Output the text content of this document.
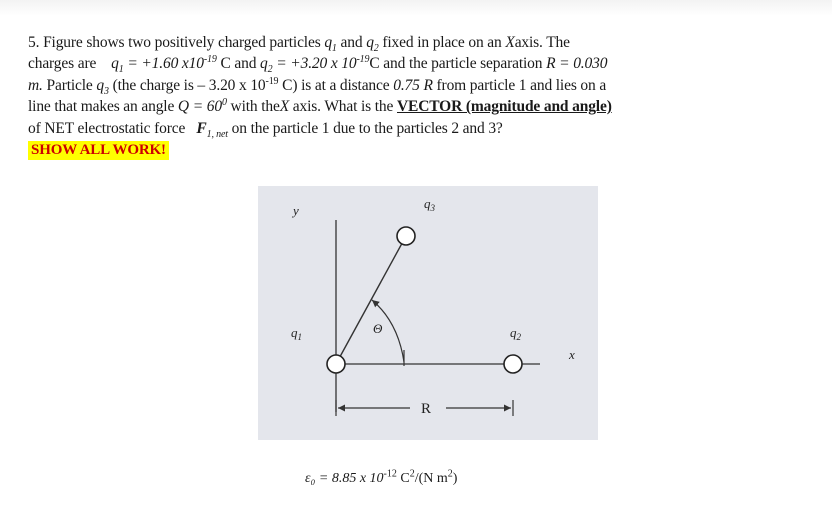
5. Figure shows two positively charged particles $q_1$ and $q_2$ fixed in place on an Xaxis. The
charges are $q_1 = +1.60$ $x10^{-19}$ C and $q_2 = +3.20$ x $10^{-19}C$ and the particle separation R = 0.030
m. Particle $q_3$ (the charge is – 3.20 x $10^{-19}$ C) is at a distance 0.75 R from particle 1 and lies on a
line that makes an angle $Q = 60^0$ with theX axis. What is the VECTOR (magnitude and angle)
of NET electrostatic force $F_{1, net}$ on the particle 1 due to the particles 2 and 3?
SHOW ALL WORK!
y
x
$q_1$	$q_2$
$q_3$
Θ
R
ε₀ = 8.85 x $10^{-12}$ $C^2/(N$ $m^2$)
